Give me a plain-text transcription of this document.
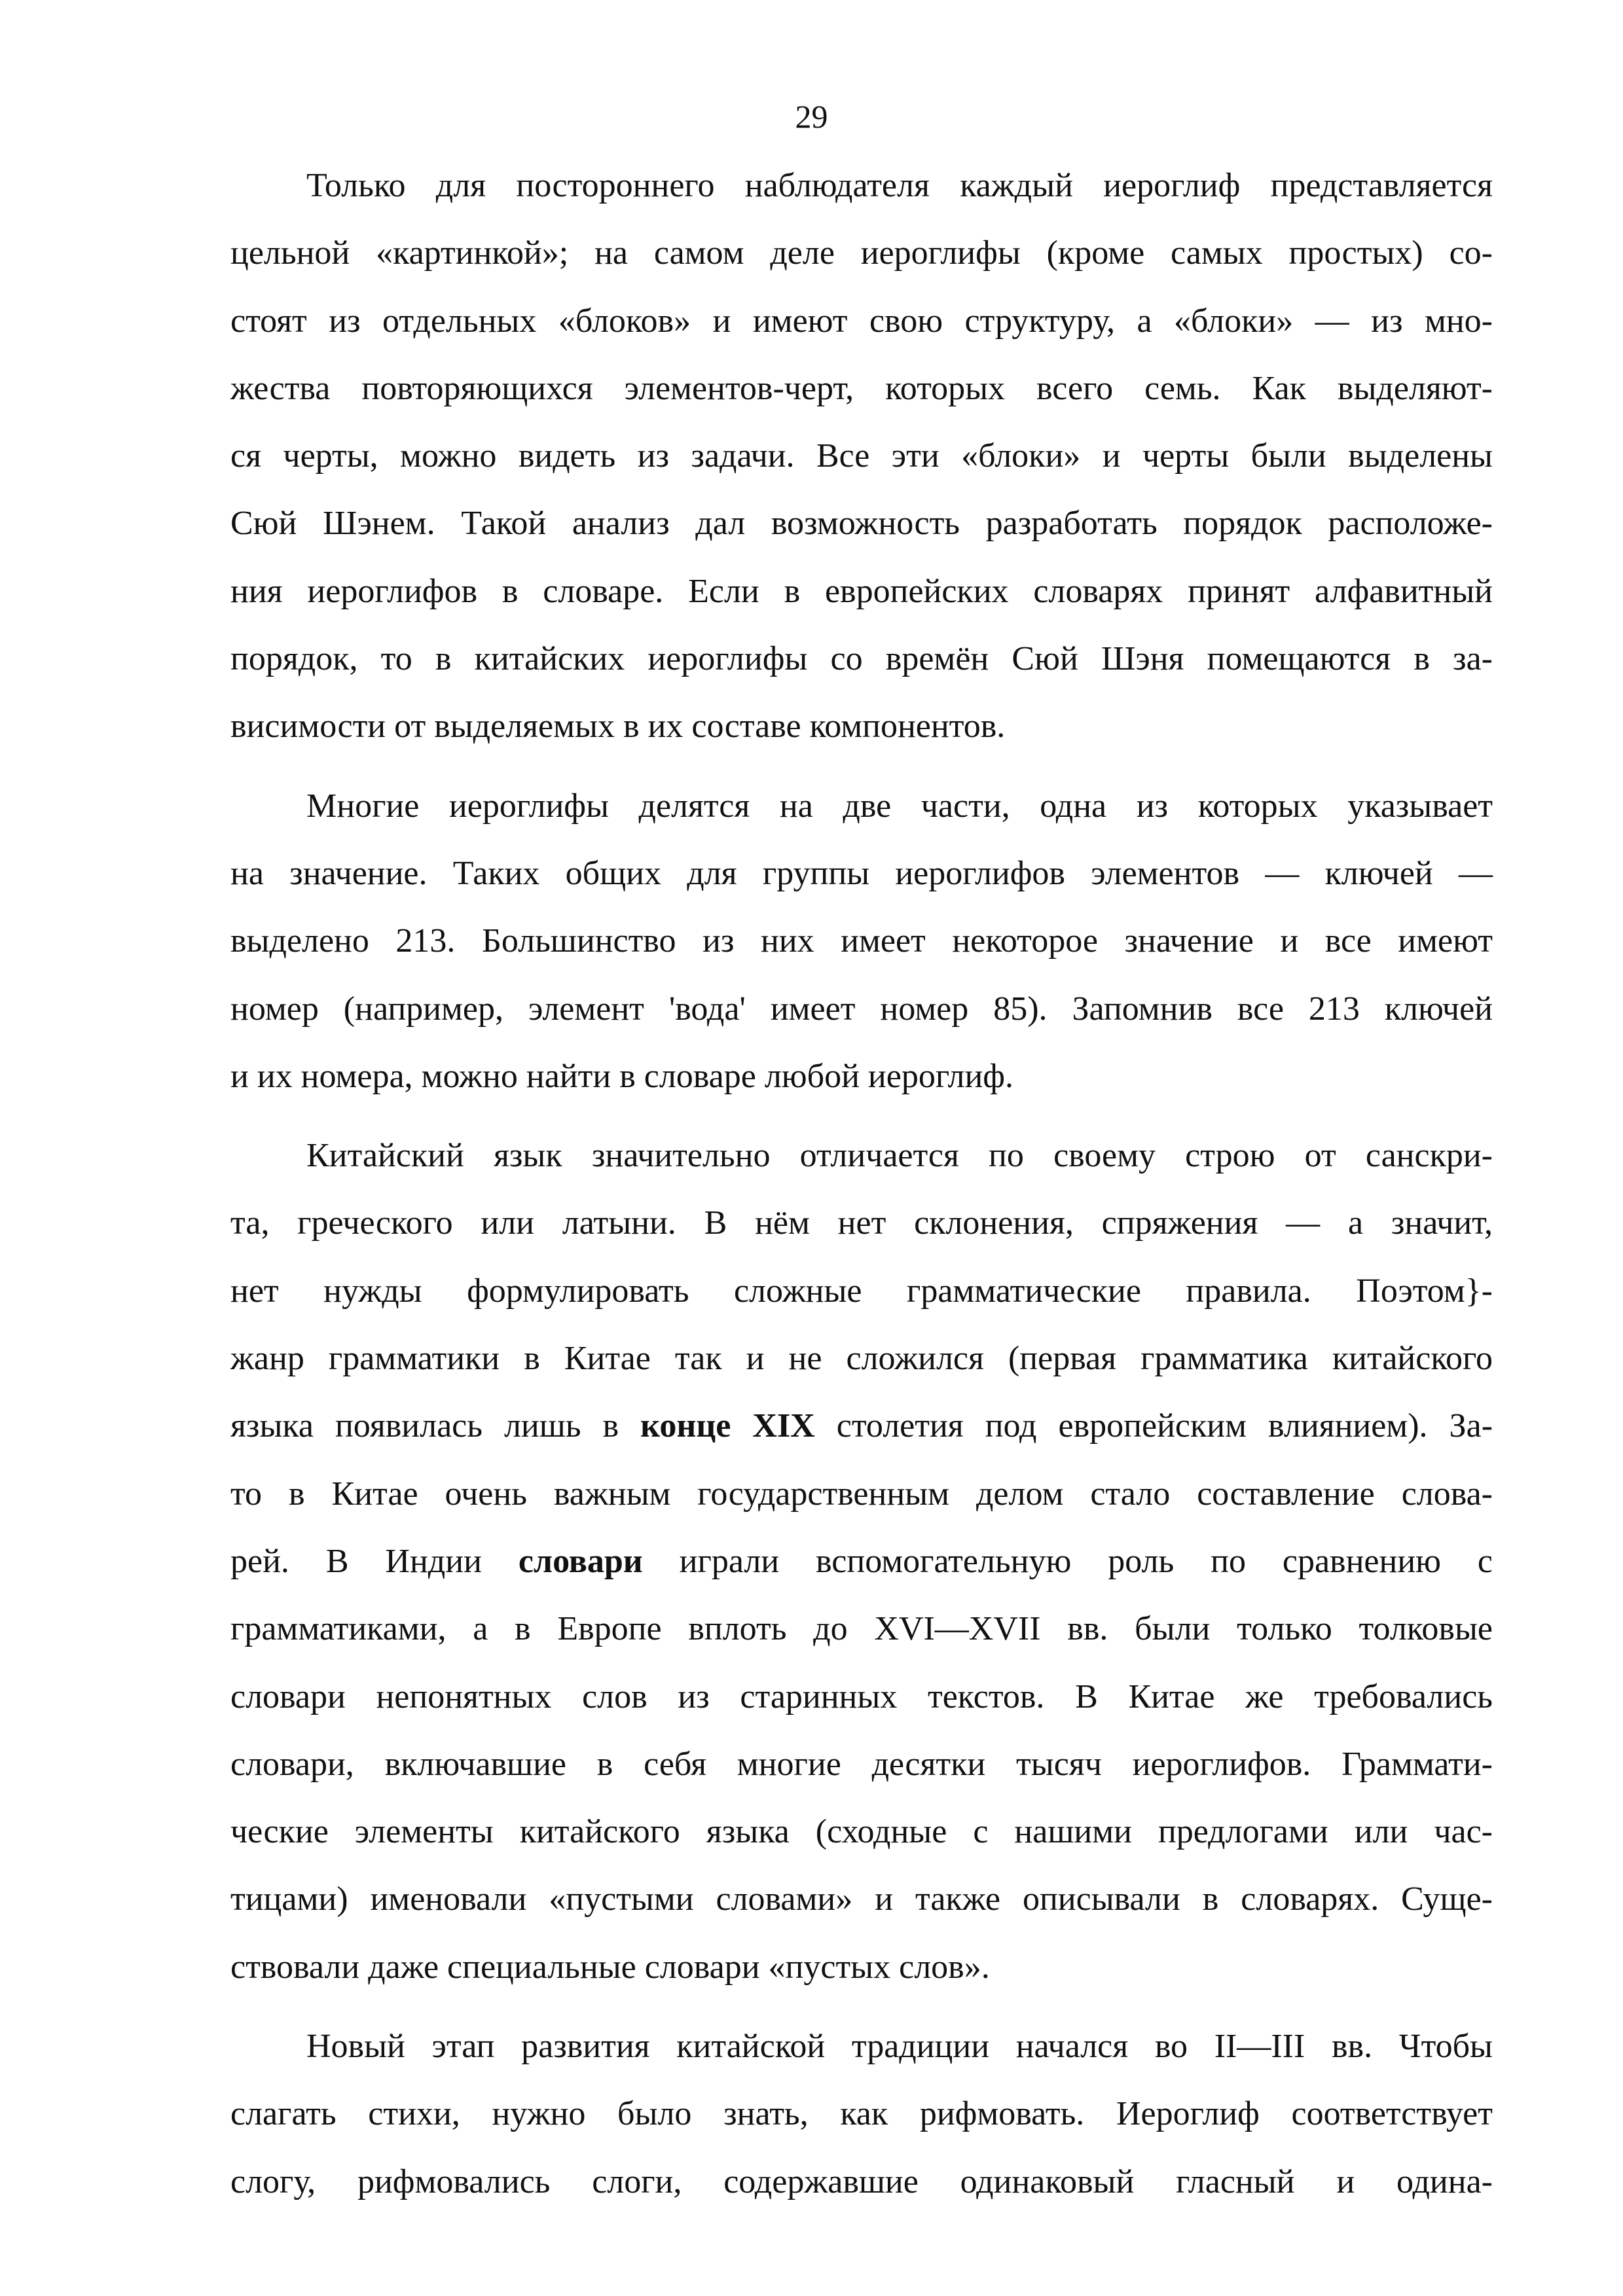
29
Только для постороннего наблюдателя каждый иероглиф представляется
цельной «картинкой»; на самом деле иероглифы (кроме самых простых) со-
стоят из отдельных «блоков» и имеют свою структуру, а «блоки» — из мно-
жества повторяющихся элементов-черт, которых всего семь. Как выделяют-
ся черты, можно видеть из задачи. Все эти «блоки» и черты были выделены
Сюй Шэнем. Такой анализ дал возможность разработать порядок расположе-
ния иероглифов в словаре. Если в европейских словарях принят алфавитный
порядок, то в китайских иероглифы со времён Сюй Шэня помещаются в за-
висимости от выделяемых в их составе компонентов.
Многие иероглифы делятся на две части, одна из которых указывает
на значение. Таких общих для группы иероглифов элементов — ключей —
выделено 213. Большинство из них имеет некоторое значение и все имеют
номер (например, элемент 'вода' имеет номер 85). Запомнив все 213 ключей
и их номера, можно найти в словаре любой иероглиф.
Китайский язык значительно отличается по своему строю от санскри-
та, греческого или латыни. В нём нет склонения, спряжения — а значит,
нет нужды формулировать сложные грамматические правила. Поэтом}-
жанр грамматики в Китае так и не сложился (первая грамматика китайского
языка появилась лишь в конце XIX столетия под европейским влиянием). За-
то в Китае очень важным государственным делом стало составление слова-
рей. В Индии словари играли вспомогательную роль по сравнению с
грамматиками, а в Европе вплоть до XVI—XVII вв. были только толковые
словари непонятных слов из старинных текстов. В Китае же требовались
словари, включавшие в себя многие десятки тысяч иероглифов. Граммати-
ческие элементы китайского языка (сходные с нашими предлогами или час-
тицами) именовали «пустыми словами» и также описывали в словарях. Суще-
ствовали даже специальные словари «пустых слов».
Новый этап развития китайской традиции начался во II—III вв. Чтобы
слагать стихи, нужно было знать, как рифмовать. Иероглиф соответствует
слогу, рифмовались слоги, содержавшие одинаковый гласный и одина-
